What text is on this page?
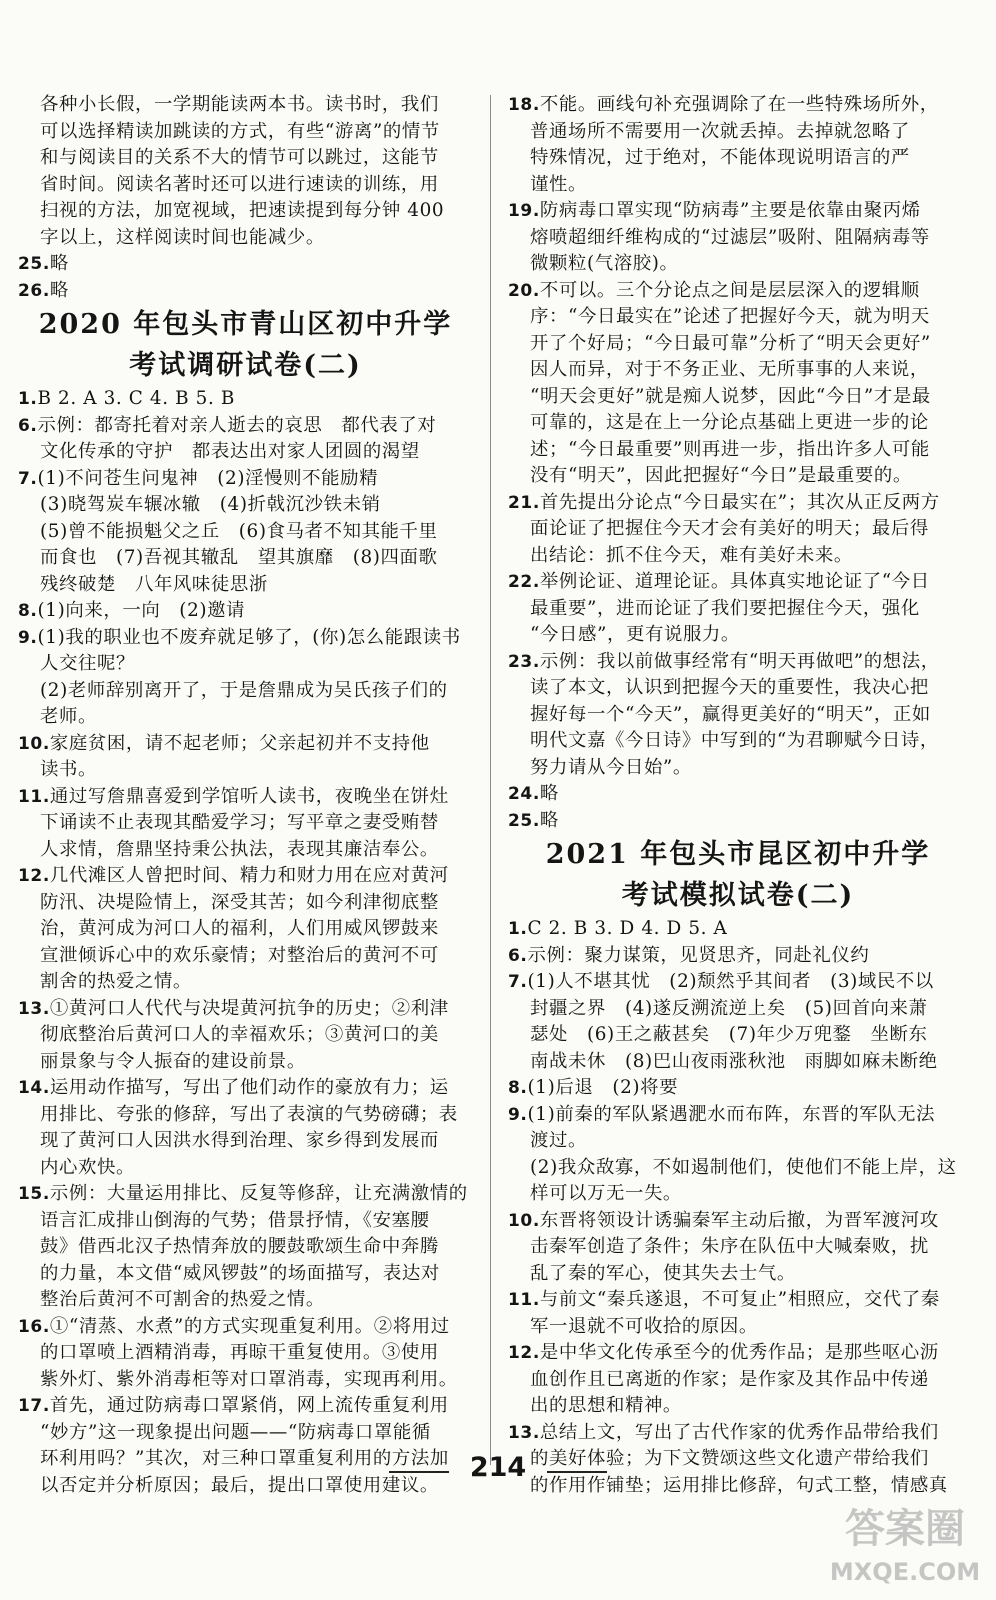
各种小长假，一学期能读两本书。读书时，我们
可以选择精读加跳读的方式，有些“游离”的情节
和与阅读目的关系不大的情节可以跳过，这能节
省时间。阅读名著时还可以进行速读的训练，用
扫视的方法，加宽视域，把速读提到每分钟 400
字以上，这样阅读时间也能减少。
25.略
26.略
2020 年包头市青山区初中升学
考试调研试卷(二)
1.B 2. A 3. C 4. B 5. B
6.示例：都寄托着对亲人逝去的哀思　都代表了对
文化传承的守护　都表达出对家人团圆的渴望
7.(1)不问苍生问鬼神　(2)淫慢则不能励精
(3)晓驾炭车辗冰辙　(4)折戟沉沙铁未销
(5)曾不能损魁父之丘　(6)食马者不知其能千里
而食也　(7)吾视其辙乱　望其旗靡　(8)四面歌
残终破楚　八年风味徒思浙
8.(1)向来，一向　(2)邀请
9.(1)我的职业也不废弃就足够了，(你)怎么能跟读书
人交往呢？
(2)老师辞别离开了，于是詹鼎成为吴氏孩子们的
老师。
10.家庭贫困，请不起老师；父亲起初并不支持他
读书。
11.通过写詹鼎喜爱到学馆听人读书，夜晚坐在饼灶
下诵读不止表现其酷爱学习；写平章之妻受贿替
人求情，詹鼎坚持秉公执法，表现其廉洁奉公。
12.几代滩区人曾把时间、精力和财力用在应对黄河
防汛、决堤险情上，深受其苦；如今利津彻底整
治，黄河成为河口人的福利，人们用威风锣鼓来
宣泄倾诉心中的欢乐豪情；对整治后的黄河不可
割舍的热爱之情。
13.①黄河口人代代与决堤黄河抗争的历史；②利津
彻底整治后黄河口人的幸福欢乐；③黄河口的美
丽景象与令人振奋的建设前景。
14.运用动作描写，写出了他们动作的豪放有力；运
用排比、夸张的修辞，写出了表演的气势磅礴；表
现了黄河口人因洪水得到治理、家乡得到发展而
内心欢快。
15.示例：大量运用排比、反复等修辞，让充满激情的
语言汇成排山倒海的气势；借景抒情，《安塞腰
鼓》借西北汉子热情奔放的腰鼓歌颂生命中奔腾
的力量，本文借“威风锣鼓”的场面描写，表达对
整治后黄河不可割舍的热爱之情。
16.①“清蒸、水煮”的方式实现重复利用。②将用过
的口罩喷上酒精消毒，再晾干重复使用。③使用
紫外灯、紫外消毒柜等对口罩消毒，实现再利用。
17.首先，通过防病毒口罩紧俏，网上流传重复利用
“妙方”这一现象提出问题——“防病毒口罩能循
环利用吗？”其次，对三种口罩重复利用的方法加
以否定并分析原因；最后，提出口罩使用建议。
18.不能。画线句补充强调除了在一些特殊场所外，
普通场所不需要用一次就丢掉。去掉就忽略了
特殊情况，过于绝对，不能体现说明语言的严
谨性。
19.防病毒口罩实现“防病毒”主要是依靠由聚丙烯
熔喷超细纤维构成的“过滤层”吸附、阻隔病毒等
微颗粒(气溶胶)。
20.不可以。三个分论点之间是层层深入的逻辑顺
序：“今日最实在”论述了把握好今天，就为明天
开了个好局；“今日最可靠”分析了“明天会更好”
因人而异，对于不务正业、无所事事的人来说，
“明天会更好”就是痴人说梦，因此“今日”才是最
可靠的，这是在上一分论点基础上更进一步的论
述；“今日最重要”则再进一步，指出许多人可能
没有“明天”，因此把握好“今日”是最重要的。
21.首先提出分论点“今日最实在”；其次从正反两方
面论证了把握住今天才会有美好的明天；最后得
出结论：抓不住今天，难有美好未来。
22.举例论证、道理论证。具体真实地论证了“今日
最重要”，进而论证了我们要把握住今天，强化
“今日感”，更有说服力。
23.示例：我以前做事经常有“明天再做吧”的想法，
读了本文，认识到把握今天的重要性，我决心把
握好每一个“今天”，赢得更美好的“明天”，正如
明代文嘉《今日诗》中写到的“为君聊赋今日诗，
努力请从今日始”。
24.略
25.略
2021 年包头市昆区初中升学
考试模拟试卷(二)
1.C 2. B 3. D 4. D 5. A
6.示例：聚力谋策，见贤思齐，同赴礼仪约
7.(1)人不堪其忧　(2)颓然乎其间者　(3)域民不以
封疆之界　(4)遂反溯流逆上矣　(5)回首向来萧
瑟处　(6)王之蔽甚矣　(7)年少万兜鍪　坐断东
南战未休　(8)巴山夜雨涨秋池　雨脚如麻未断绝
8.(1)后退　(2)将要
9.(1)前秦的军队紧遇淝水而布阵，东晋的军队无法
渡过。
(2)我众敌寡，不如遏制他们，使他们不能上岸，这
样可以万无一失。
10.东晋将领设计诱骗秦军主动后撤，为晋军渡河攻
击秦军创造了条件；朱序在队伍中大喊秦败，扰
乱了秦的军心，使其失去士气。
11.与前文“秦兵遂退，不可复止”相照应，交代了秦
军一退就不可收拾的原因。
12.是中华文化传承至今的优秀作品；是那些呕心沥
血创作且已离逝的作家；是作家及其作品中传递
出的思想和精神。
13.总结上文，写出了古代作家的优秀作品带给我们
的美好体验；为下文赞颂这些文化遗产带给我们
的作用作铺垫；运用排比修辞，句式工整，情感真
214
答案圈
MXQE.COM
